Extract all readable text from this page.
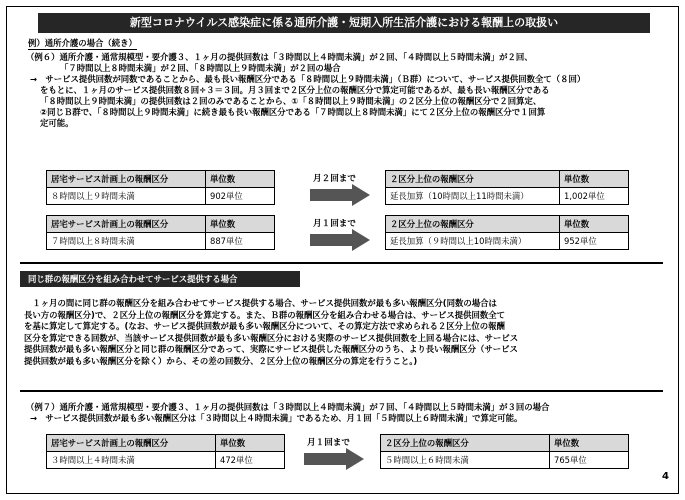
新型コロナウイルス感染症に係る通所介護・短期入所生活介護における報酬上の取扱い
例）通所介護の場合（続き）
（例６）通所介護・通常規模型・要介護３、１ヶ月の提供回数は「３時間以上４時間未満」が２回、「４時間以上５時間未満」が２回、
「７時間以上８時間未満」が２回、「８時間以上９時間未満」が２回の場合
→　サービス提供回数が同数であることから、最も長い報酬区分である「８時間以上９時間未満」（Ｂ群）について、サービス提供回数全て（８回）
をもとに、１ヶ月のサービス提供回数８回÷３＝３回。月３回まで２区分上位の報酬区分で算定可能であるが、最も長い報酬区分である
「８時間以上９時間未満」の提供回数は２回のみであることから、①「８時間以上９時間未満」の２区分上位の報酬区分で２回算定、
②同じＢ群で、「８時間以上９時間未満」に続き最も長い報酬区分である「７時間以上８時間未満」にて２区分上位の報酬区分で１回算
定可能。
居宅サービス計画上の報酬区分	単位数
８時間以上９時間未満	902単位
月２回まで	２区分上位の報酬区分	単位数
延長加算（10時間以上11時間未満）	1,002単位
居宅サービス計画上の報酬区分	単位数
７時間以上８時間未満	887単位
月１回まで	２区分上位の報酬区分	単位数
延長加算（９時間以上10時間未満）	952単位
同じ群の報酬区分を組み合わせてサービス提供する場合
　１ヶ月の間に同じ群の報酬区分を組み合わせてサービス提供する場合、サービス提供回数が最も多い報酬区分(同数の場合は
長い方の報酬区分)で、２区分上位の報酬区分を算定する。また、Ｂ群の報酬区分を組み合わせる場合は、サービス提供回数全て
を基に算定して算定する。(なお、サービス提供回数が最も多い報酬区分について、その算定方法で求められる２区分上位の報酬
区分を算定できる回数が、当該サービス提供回数が最も多い報酬区分における実際のサービス提供回数を上回る場合には、サービス
提供回数が最も多い報酬区分と同じ群の報酬区分であって、実際にサービス提供した報酬区分のうち、より長い報酬区分（サービス
提供回数が最も多い報酬区分を除く）から、その差の回数分、２区分上位の報酬区分の算定を行うこと。)
（例７）通所介護・通常規模型・要介護３、１ヶ月の提供回数は「３時間以上４時間未満」が７回、「４時間以上５時間未満」が３回の場合
→　サービス提供回数が最も多い報酬区分は「３時間以上４時間未満」であるため、月１回「５時間以上６時間未満」で算定可能。
居宅サービス計画上の報酬区分	単位数
３時間以上４時間未満	472単位
月１回まで	２区分上位の報酬区分	単位数
５時間以上６時間未満	765単位
4
